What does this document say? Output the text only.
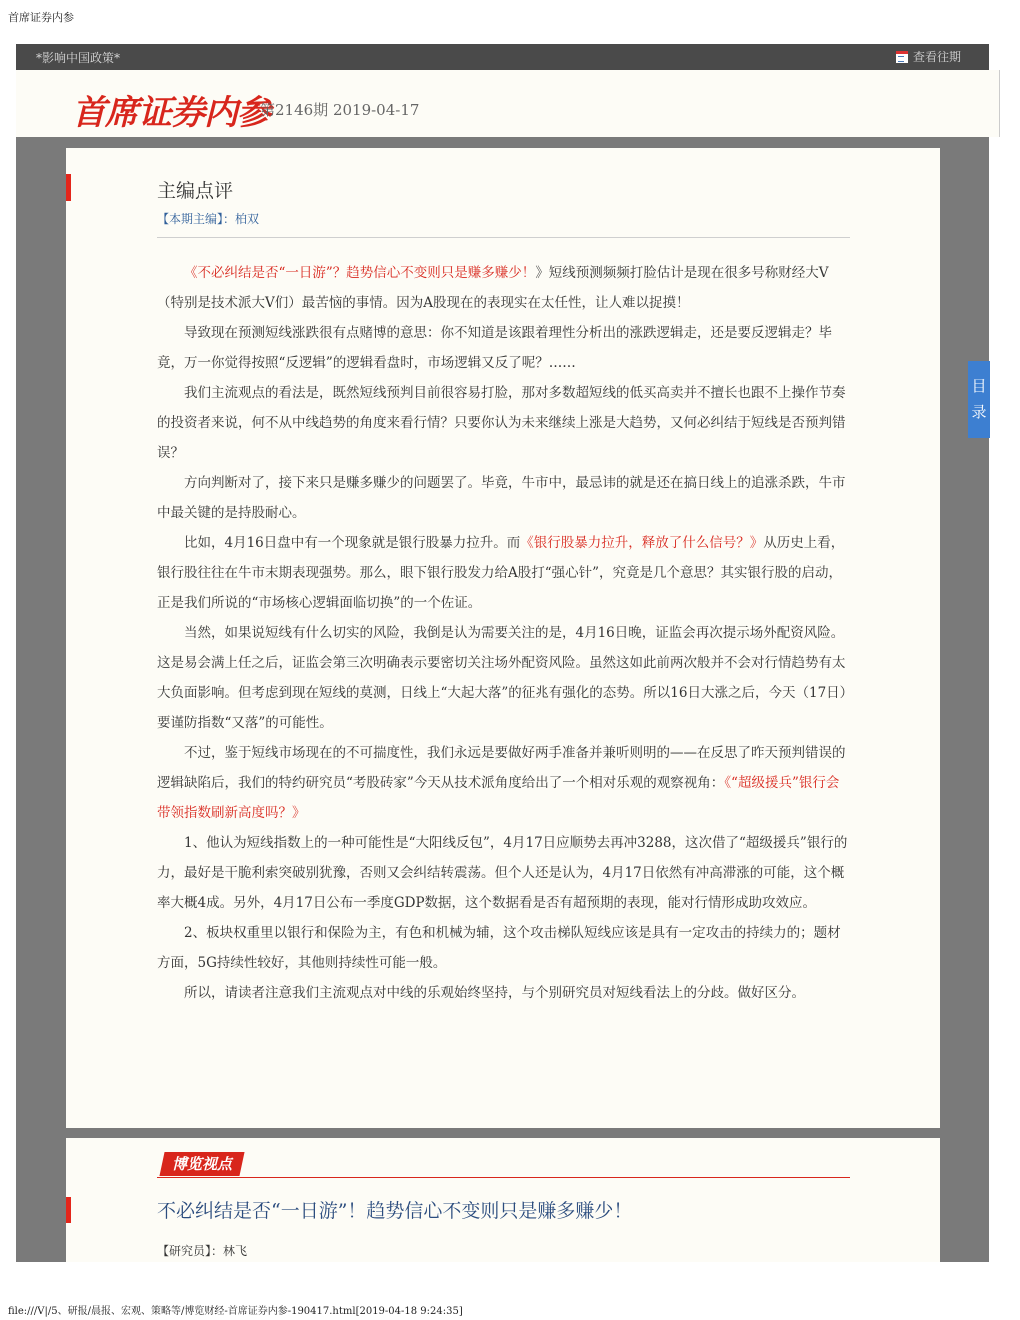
首席证券内参
*影响中国政策*	查看往期
首席证券内参
第2146期 2019-04-17
主编点评
【本期主编】：柏双

《不必纠结是否“一日游”？趋势信心不变则只是赚多赚少！》短线预测频频打脸估计是现在很多号称财经大V（特别是技术派大V们）最苦恼的事情。因为A股现在的表现实在太任性，让人难以捉摸！

导致现在预测短线涨跌很有点赌博的意思：你不知道是该跟着理性分析出的涨跌逻辑走，还是要反逻辑走？毕竟，万一你觉得按照“反逻辑”的逻辑看盘时，市场逻辑又反了呢？……

我们主流观点的看法是，既然短线预判目前很容易打脸，那对多数超短线的低买高卖并不擅长也跟不上操作节奏的投资者来说，何不从中线趋势的角度来看行情？只要你认为未来继续上涨是大趋势，又何必纠结于短线是否预判错误？

方向判断对了，接下来只是赚多赚少的问题罢了。毕竟，牛市中，最忌讳的就是还在搞日线上的追涨杀跌，牛市中最关键的是持股耐心。

比如，4月16日盘中有一个现象就是银行股暴力拉升。而《银行股暴力拉升，释放了什么信号？》从历史上看，银行股往往在牛市末期表现强势。那么，眼下银行股发力给A股打“强心针”，究竟是几个意思？其实银行股的启动，正是我们所说的“市场核心逻辑面临切换”的一个佐证。

当然，如果说短线有什么切实的风险，我倒是认为需要关注的是，4月16日晚，证监会再次提示场外配资风险。这是易会满上任之后，证监会第三次明确表示要密切关注场外配资风险。虽然这如此前两次般并不会对行情趋势有太大负面影响。但考虑到现在短线的莫测，日线上“大起大落”的征兆有强化的态势。所以16日大涨之后，今天（17日）要谨防指数“又落”的可能性。

不过，鉴于短线市场现在的不可揣度性，我们永远是要做好两手准备并兼听则明的——在反思了昨天预判错误的逻辑缺陷后，我们的特约研究员“考股砖家”今天从技术派角度给出了一个相对乐观的观察视角：《“超级援兵”银行会带领指数刷新高度吗？》

1、他认为短线指数上的一种可能性是“大阳线反包”，4月17日应顺势去再冲3288，这次借了“超级援兵”银行的力，最好是干脆利索突破别犹豫，否则又会纠结转震荡。但个人还是认为，4月17日依然有冲高滞涨的可能，这个概率大概4成。另外，4月17日公布一季度GDP数据，这个数据看是否有超预期的表现，能对行情形成助攻效应。

2、板块权重里以银行和保险为主，有色和机械为辅，这个攻击梯队短线应该是具有一定攻击的持续力的；题材方面，5G持续性较好，其他则持续性可能一般。

所以，请读者注意我们主流观点对中线的乐观始终坚持，与个别研究员对短线看法上的分歧。做好区分。

目
录
博览视点
不必纠结是否“一日游”！趋势信心不变则只是赚多赚少！
【研究员】：林飞
file:///V|/5、研报/晨报、宏观、策略等/博览财经-首席证券内参-190417.html[2019-04-18 9:24:35]
